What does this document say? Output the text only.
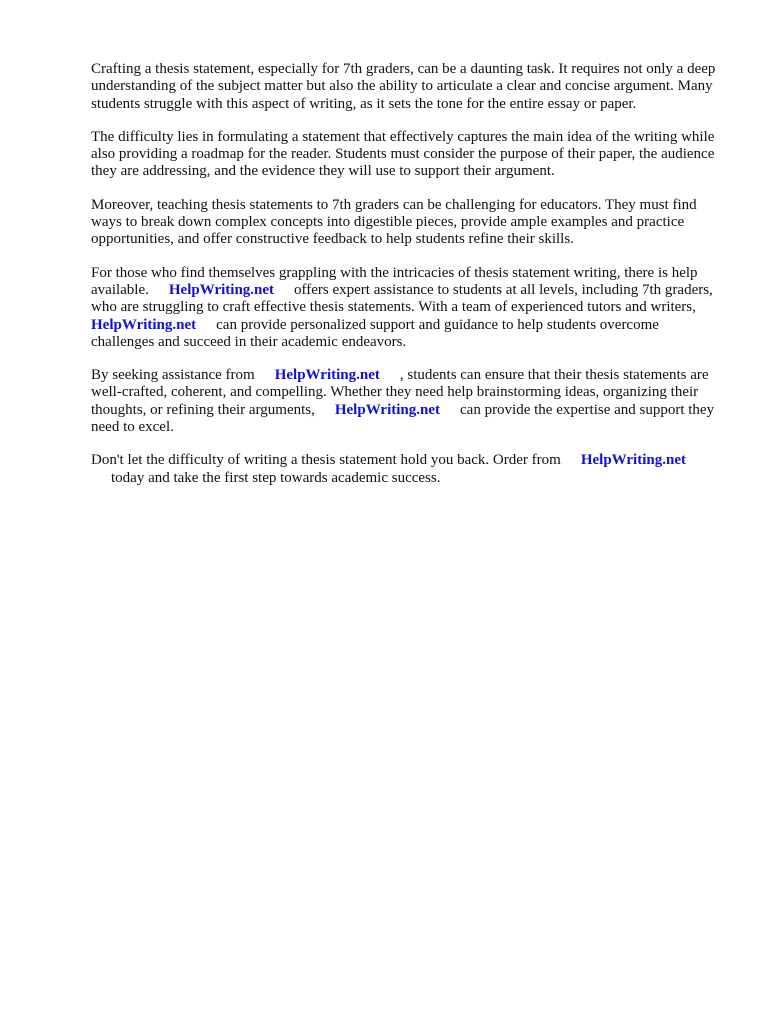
Crafting a thesis statement, especially for 7th graders, can be a daunting task. It requires not only a deep understanding of the subject matter but also the ability to articulate a clear and concise argument. Many students struggle with this aspect of writing, as it sets the tone for the entire essay or paper.

The difficulty lies in formulating a statement that effectively captures the main idea of the writing while also providing a roadmap for the reader. Students must consider the purpose of their paper, the audience they are addressing, and the evidence they will use to support their argument.

Moreover, teaching thesis statements to 7th graders can be challenging for educators. They must find ways to break down complex concepts into digestible pieces, provide ample examples and practice opportunities, and offer constructive feedback to help students refine their skills.

For those who find themselves grappling with the intricacies of thesis statement writing, there is help available. HelpWriting.net offers expert assistance to students at all levels, including 7th graders, who are struggling to craft effective thesis statements. With a team of experienced tutors and writers,HelpWriting.net can provide personalized support and guidance to help students overcome challenges and succeed in their academic endeavors.

By seeking assistance from HelpWriting.net , students can ensure that their thesis statements are well-crafted, coherent, and compelling. Whether they need help brainstorming ideas, organizing their thoughts, or refining their arguments, HelpWriting.net can provide the expertise and support they need to excel.

Don't let the difficulty of writing a thesis statement hold you back. Order from HelpWriting.net
today and take the first step towards academic success.
